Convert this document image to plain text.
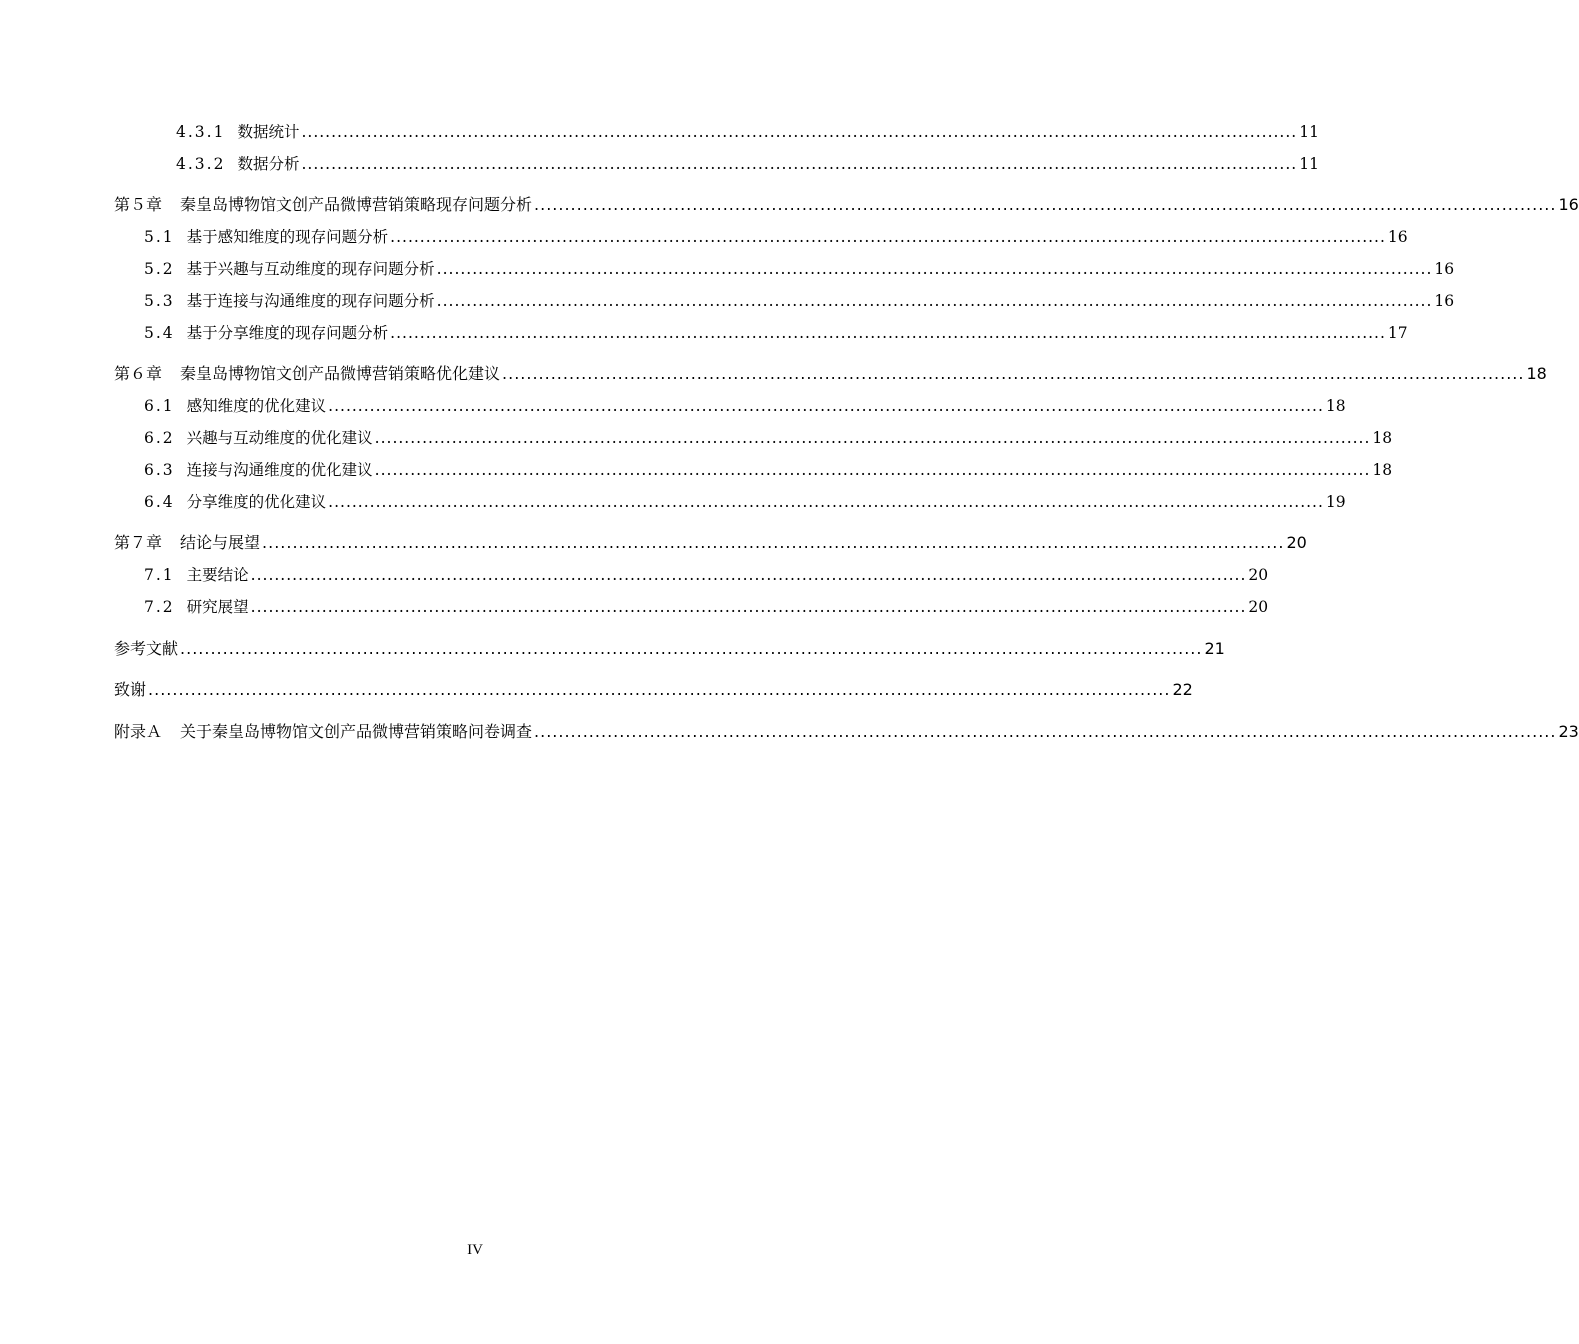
4.3.1 数据统计 ........................................................................................................................................................................ 11
4.3.2 数据分析 ........................................................................................................................................................................ 11
第５章 秦皇岛博物馆文创产品微博营销策略现存问题分析 ........................................................................................................................................................................ 16
5.1 基于感知维度的现存问题分析 ........................................................................................................................................................................ 16
5.2 基于兴趣与互动维度的现存问题分析 ........................................................................................................................................................................ 16
5.3 基于连接与沟通维度的现存问题分析 ........................................................................................................................................................................ 16
5.4 基于分享维度的现存问题分析 ........................................................................................................................................................................ 17
第６章 秦皇岛博物馆文创产品微博营销策略优化建议 ........................................................................................................................................................................ 18
6.1 感知维度的优化建议 ........................................................................................................................................................................ 18
6.2 兴趣与互动维度的优化建议 ........................................................................................................................................................................ 18
6.3 连接与沟通维度的优化建议 ........................................................................................................................................................................ 18
6.4 分享维度的优化建议 ........................................................................................................................................................................ 19
第７章 结论与展望 ........................................................................................................................................................................ 20
7.1 主要结论 ........................................................................................................................................................................ 20
7.2 研究展望 ........................................................................................................................................................................ 20
参考文献 ........................................................................................................................................................................ 21
致谢 ........................................................................................................................................................................ 22
附录Ａ 关于秦皇岛博物馆文创产品微博营销策略问卷调查 ........................................................................................................................................................................ 23
IV
